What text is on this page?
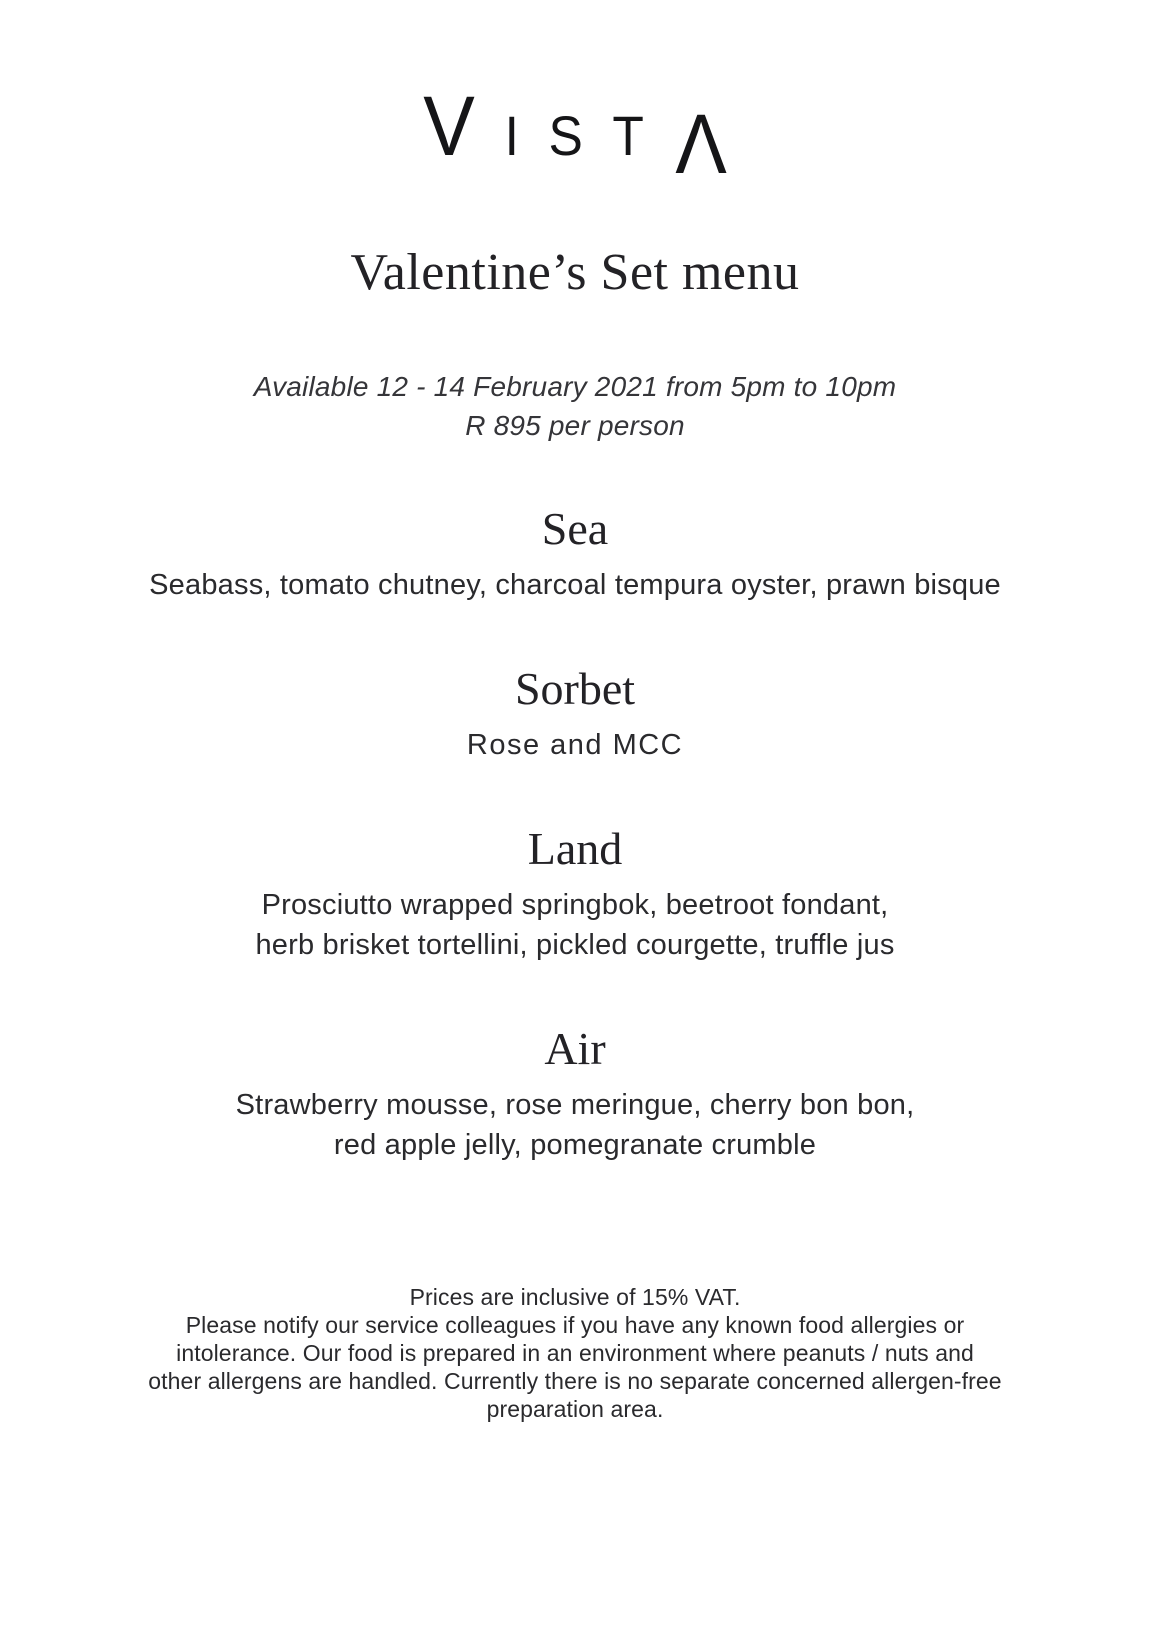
V I S T Λ
Valentine’s Set menu
Available 12 - 14 February 2021 from 5pm to 10pm
R 895 per person
Sea

Seabass, tomato chutney, charcoal tempura oyster, prawn bisque

Sorbet

Rose and MCC

Land

Prosciutto wrapped springbok, beetroot fondant,

herb brisket tortellini, pickled courgette, truffle jus

Air

Strawberry mousse, rose meringue, cherry bon bon,

red apple jelly, pomegranate crumble

Prices are inclusive of 15% VAT.
Please notify our service colleagues if you have any known food allergies or
intolerance. Our food is prepared in an environment where peanuts / nuts and
other allergens are handled. Currently there is no separate concerned allergen-free
preparation area.
